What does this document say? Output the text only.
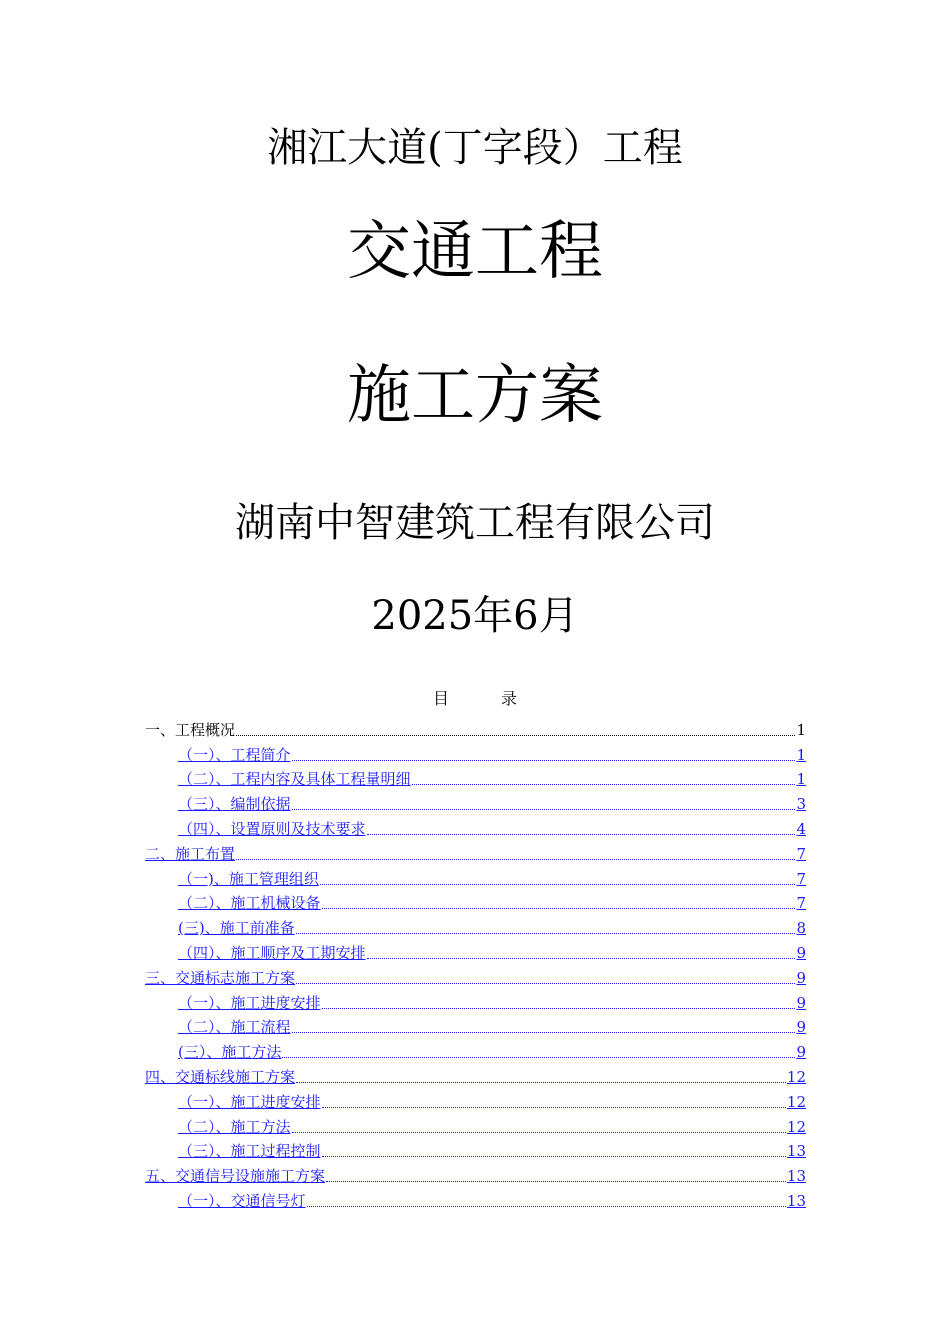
湘江大道(丁字段）工程
交通工程
施工方案
湖南中智建筑工程有限公司
2025年6月
目	录
一、工程概况	1
（一）、工程简介	1
（二）、工程内容及具体工程量明细	1
（三）、编制依据	3
（四）、设置原则及技术要求	4
二、施工布置	7
（一)、施工管理组织	7
（二）、施工机械设备	7
(三)、施工前准备	8
（四）、施工顺序及工期安排	9
三、交通标志施工方案	9
（一）、施工进度安排	9
（二）、施工流程	9
(三）、施工方法	9
四、交通标线施工方案	12
（一）、施工进度安排	12
（二）、施工方法	12
（三）、施工过程控制	13
五、交通信号设施施工方案	13
（一）、交通信号灯	13
